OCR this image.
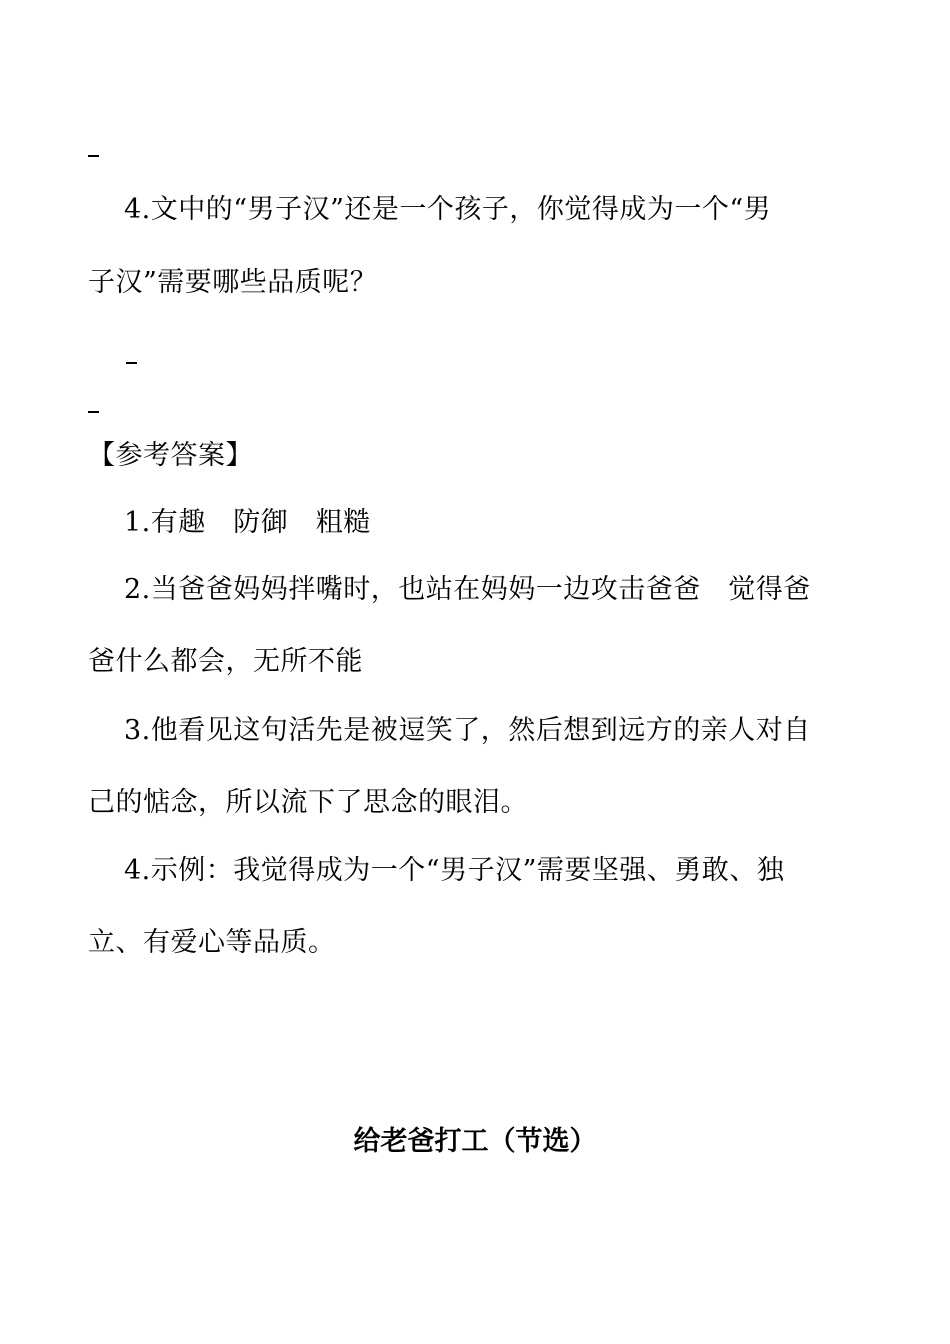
4.文中的“男子汉”还是一个孩子，你觉得成为一个“男
子汉”需要哪些品质呢？
【参考答案】
1.有趣　防御　粗糙
2.当爸爸妈妈拌嘴时，也站在妈妈一边攻击爸爸　觉得爸
爸什么都会，无所不能
3.他看见这句活先是被逗笑了，然后想到远方的亲人对自
己的惦念，所以流下了思念的眼泪。
4.示例：我觉得成为一个“男子汉”需要坚强、勇敢、独
立、有爱心等品质。
给老爸打工（节选）
